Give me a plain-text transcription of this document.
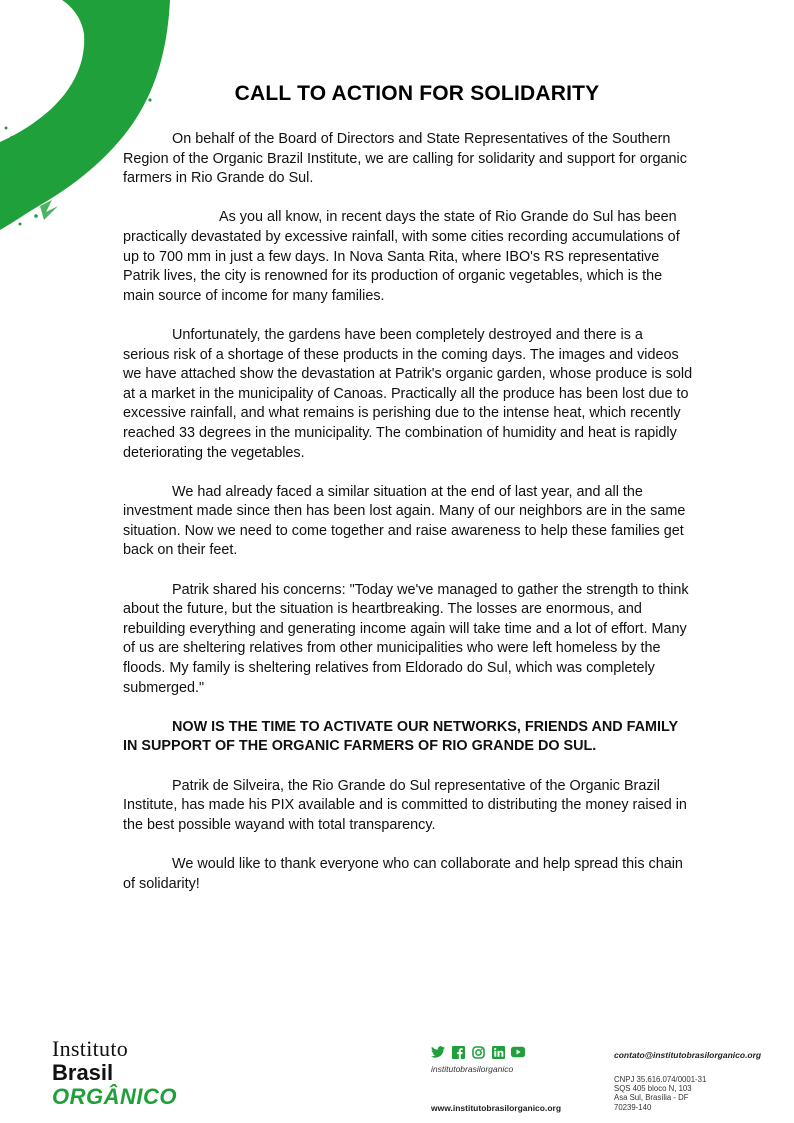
CALL TO ACTION FOR SOLIDARITY

On behalf of the Board of Directors and State Representatives of the Southern Region of the Organic Brazil Institute, we are calling for solidarity and support for organic farmers in Rio Grande do Sul.

As you all know, in recent days the state of Rio Grande do Sul has been practically devastated by excessive rainfall, with some cities recording accumulations of up to 700 mm in just a few days. In Nova Santa Rita, where IBO's RS representative Patrik lives, the city is renowned for its production of organic vegetables, which is the main source of income for many families.

Unfortunately, the gardens have been completely destroyed and there is a serious risk of a shortage of these products in the coming days. The images and videos we have attached show the devastation at Patrik's organic garden, whose produce is sold at a market in the municipality of Canoas. Practically all the produce has been lost due to excessive rainfall, and what remains is perishing due to the intense heat, which recently reached 33 degrees in the municipality. The combination of humidity and heat is rapidly deteriorating the vegetables.

We had already faced a similar situation at the end of last year, and all the investment made since then has been lost again. Many of our neighbors are in the same situation. Now we need to come together and raise awareness to help these families get back on their feet.

Patrik shared his concerns: "Today we've managed to gather the strength to think about the future, but the situation is heartbreaking. The losses are enormous, and rebuilding everything and generating income again will take time and a lot of effort. Many of us are sheltering relatives from other municipalities who were left homeless by the floods. My family is sheltering relatives from Eldorado do Sul, which was completely submerged."

NOW IS THE TIME TO ACTIVATE OUR NETWORKS, FRIENDS AND FAMILY IN SUPPORT OF THE ORGANIC FARMERS OF RIO GRANDE DO SUL.

Patrik de Silveira, the Rio Grande do Sul representative of the Organic Brazil Institute, has made his PIX available and is committed to distributing the money raised in the best possible wayand with total transparency.

We would like to thank everyone who can collaborate and help spread this chain of solidarity!

Instituto
Brasil
ORGÂNICO
institutobrasilorganico
www.institutobrasilorganico.org
contato@institutobrasilorganico.org
CNPJ 35.616.074/0001-31
SQS 405 bloco N, 103
Asa Sul, Brasília - DF
70239-140
